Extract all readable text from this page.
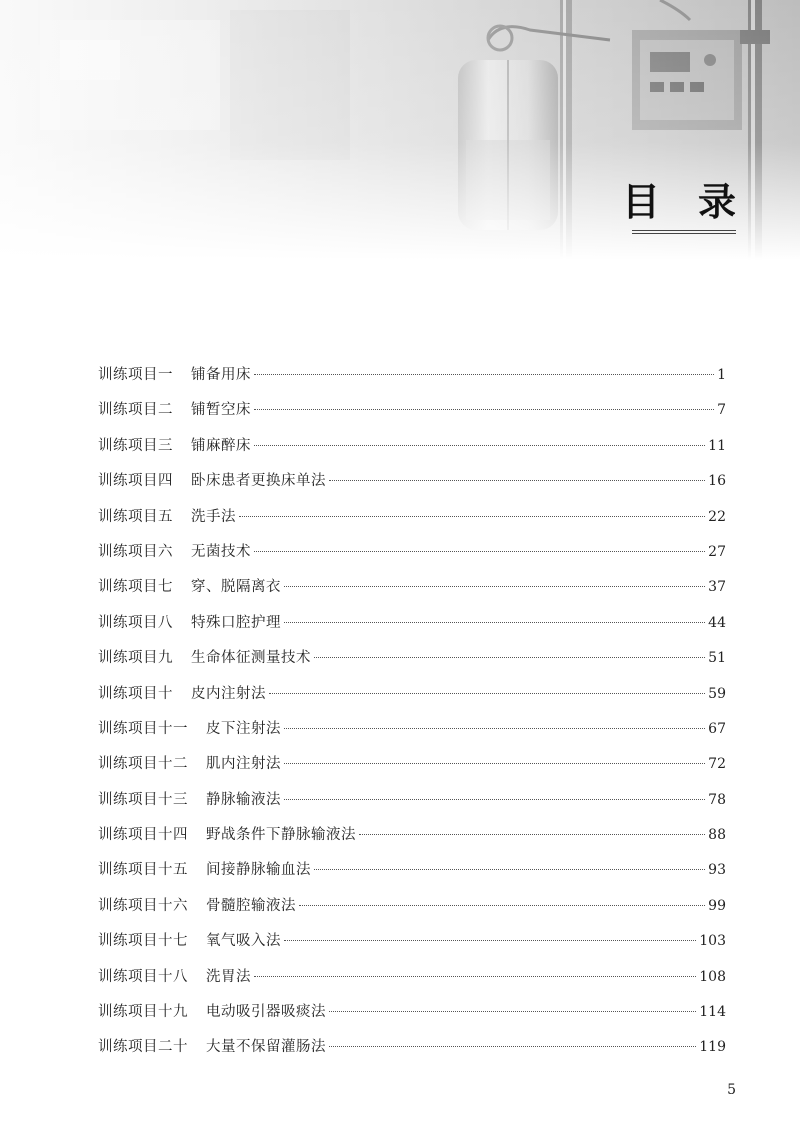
目录
训练项目一 铺备用床	1
训练项目二 铺暂空床	7
训练项目三 铺麻醉床	11
训练项目四 卧床患者更换床单法	16
训练项目五 洗手法	22
训练项目六 无菌技术	27
训练项目七 穿、脱隔离衣	37
训练项目八 特殊口腔护理	44
训练项目九 生命体征测量技术	51
训练项目十 皮内注射法	59
训练项目十一 皮下注射法	67
训练项目十二 肌内注射法	72
训练项目十三 静脉输液法	78
训练项目十四 野战条件下静脉输液法	88
训练项目十五 间接静脉输血法	93
训练项目十六 骨髓腔输液法	99
训练项目十七 氧气吸入法	103
训练项目十八 洗胃法	108
训练项目十九 电动吸引器吸痰法	114
训练项目二十 大量不保留灌肠法	119
5
